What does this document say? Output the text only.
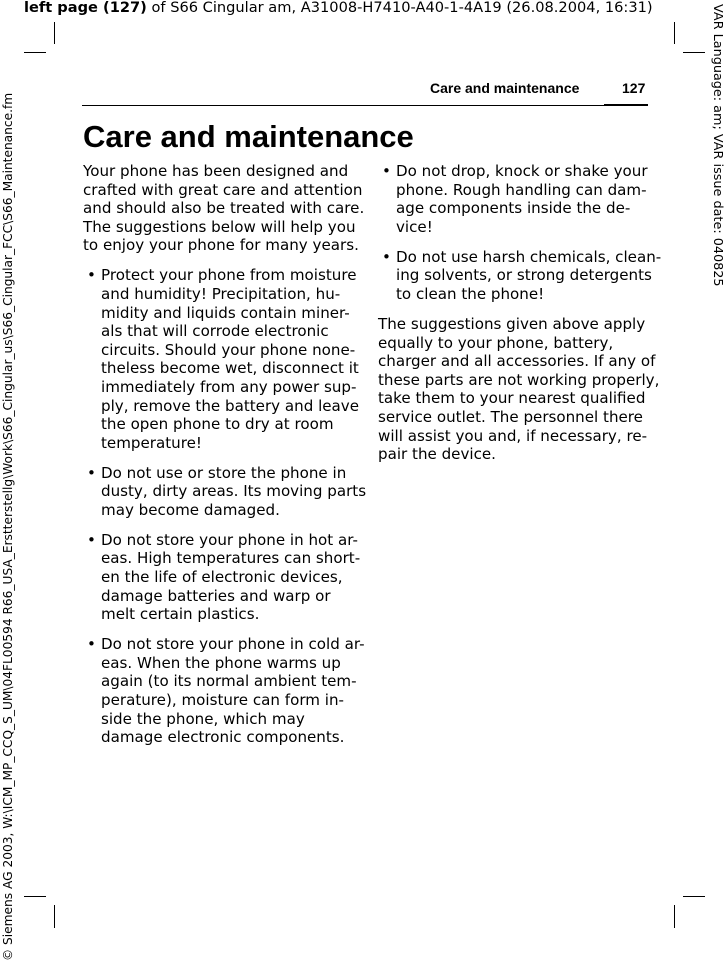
left page (127) of S66 Cingular am, A31008-H7410-A40-1-4A19 (26.08.2004, 16:31)
© Siemens AG 2003, W:\ICM_MP_CCQ_S_UM\04FL00594 R66_USA_Erstterstellg\Work\S66_Cingular_us\S66_Cingular_FCC\S66_Maintenance.fm	VAR Language: am; VAR issue date: 040825
Care and maintenance	127
Care and maintenance

Your phone has been designed and

crafted with great care and attention

and should also be treated with care.

The suggestions below will help you

to enjoy your phone for many years.

• Protect your phone from moisture
and humidity! Precipitation, hu-
midity and liquids contain miner-
als that will corrode electronic
circuits. Should your phone none-
theless become wet, disconnect it
immediately from any power sup-
ply, remove the battery and leave
the open phone to dry at room
temperature!
• Do not use or store the phone in
dusty, dirty areas. Its moving parts
may become damaged.
• Do not store your phone in hot ar-
eas. High temperatures can short-
en the life of electronic devices,
damage batteries and warp or
melt certain plastics.
• Do not store your phone in cold ar-
eas. When the phone warms up
again (to its normal ambient tem-
perature), moisture can form in-
side the phone, which may
damage electronic components.
• Do not drop, knock or shake your
phone. Rough handling can dam-
age components inside the de-
vice!
• Do not use harsh chemicals, clean-
ing solvents, or strong detergents
to clean the phone!

The suggestions given above apply

equally to your phone, battery,

charger and all accessories. If any of

these parts are not working properly,

take them to your nearest qualified

service outlet. The personnel there

will assist you and, if necessary, re-

pair the device.
